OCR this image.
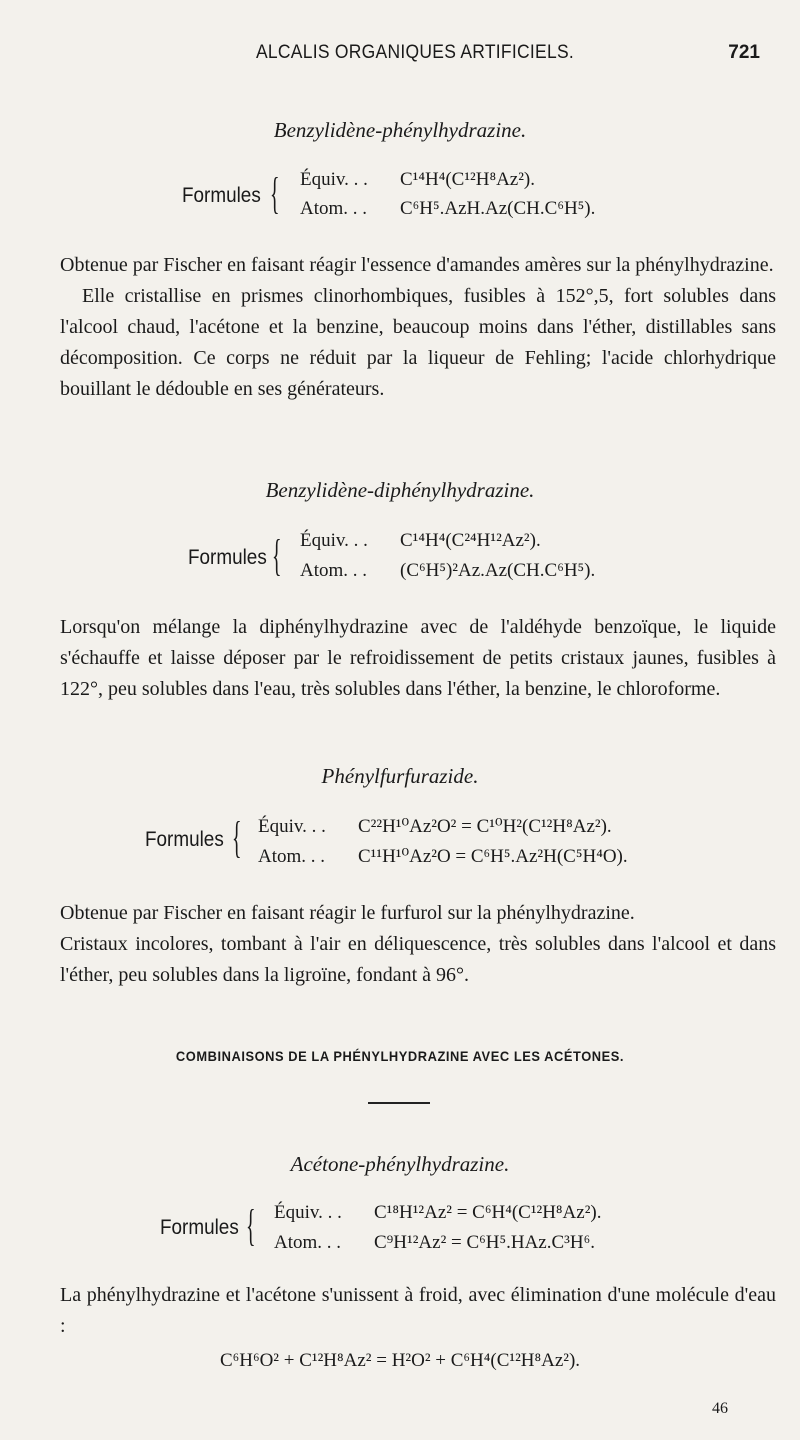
ALCALIS ORGANIQUES ARTIFICIELS.	721
Benzylidène-phénylhydrazine.
Formules { Équiv. . . C¹⁴H⁴(C¹²H⁸Az²).
Atom. . . C⁶H⁵.AzH.Az(CH.C⁶H⁵).

Obtenue par Fischer en faisant réagir l'essence d'amandes amères sur la phénylhydrazine.

Elle cristallise en prismes clinorhombiques, fusibles à 152°,5, fort solubles dans l'alcool chaud, l'acétone et la benzine, beaucoup moins dans l'éther, distillables sans décomposition. Ce corps ne réduit par la liqueur de Fehling; l'acide chlorhydrique bouillant le dédouble en ses générateurs.

Benzylidène-diphénylhydrazine.
Formules { Équiv. . . C¹⁴H⁴(C²⁴H¹²Az²).
Atom. . . (C⁶H⁵)²Az.Az(CH.C⁶H⁵).

Lorsqu'on mélange la diphénylhydrazine avec de l'aldéhyde benzoïque, le liquide s'échauffe et laisse déposer par le refroidissement de petits cristaux jaunes, fusibles à 122°, peu solubles dans l'eau, très solubles dans l'éther, la benzine, le chloroforme.

Phénylfurfurazide.
Formules { Équiv. . . C²²H¹⁰Az²O² = C¹⁰H²(C¹²H⁸Az²).
Atom. . . C¹¹H¹⁰Az²O = C⁶H⁵.Az²H(C⁵H⁴O).

Obtenue par Fischer en faisant réagir le furfurol sur la phénylhydrazine.

Cristaux incolores, tombant à l'air en déliquescence, très solubles dans l'alcool et dans l'éther, peu solubles dans la ligroïne, fondant à 96°.

COMBINAISONS DE LA PHÉNYLHYDRAZINE AVEC LES ACÉTONES.
Acétone-phénylhydrazine.
Formules { Équiv. . . C¹⁸H¹²Az² = C⁶H⁴(C¹²H⁸Az²).
Atom. . . C⁹H¹²Az² = C⁶H⁵.HAz.C³H⁶.

La phénylhydrazine et l'acétone s'unissent à froid, avec élimination d'une molécule d'eau :

C⁶H⁶O² + C¹²H⁸Az² = H²O² + C⁶H⁴(C¹²H⁸Az²).
46
